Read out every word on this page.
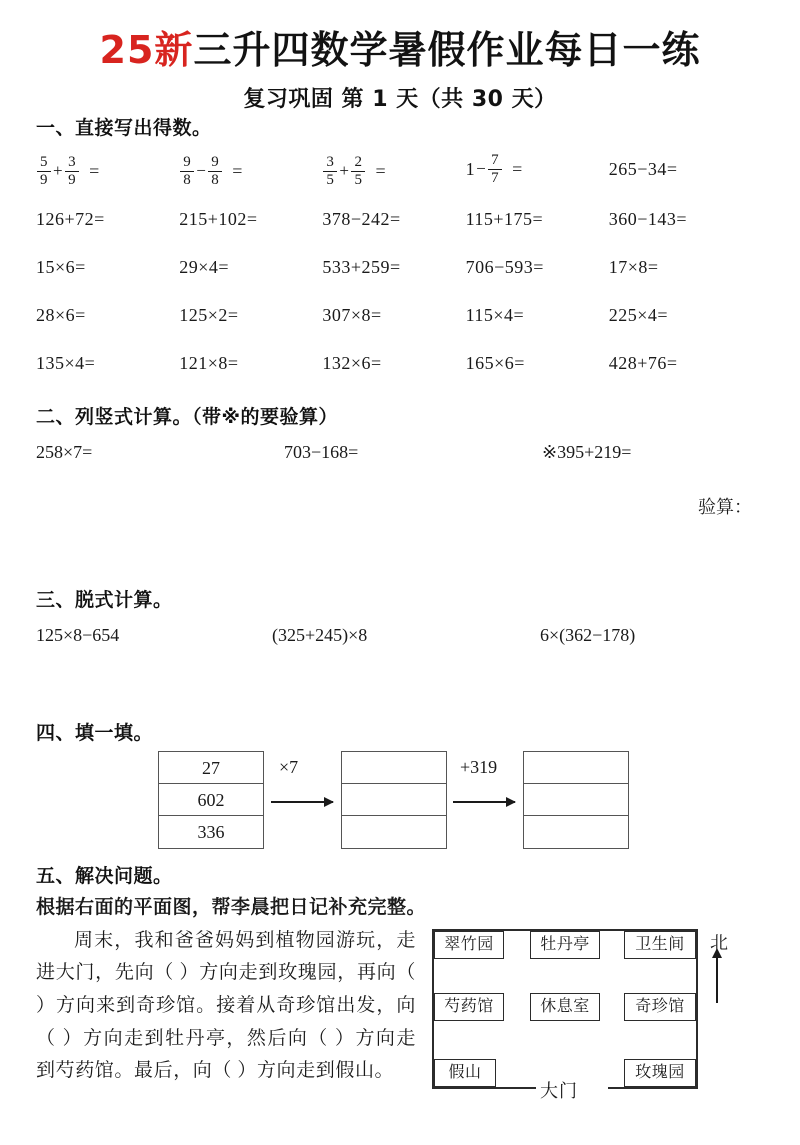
25新三升四数学暑假作业每日一练
复习巩固 第 1 天（共 30 天）
一、直接写出得数。
$\frac{5}{9} + \frac{3}{9}$ =	$\frac{9}{8} - \frac{9}{8}$ =	$\frac{3}{5} + \frac{2}{5}$ =	$1 - \frac{7}{7}$ =	265−34=
126+72=	215+102=	378−242=	115+175=	360−143=
15×6=	29×4=	533+259=	706−593=	17×8=
28×6=	125×2=	307×8=	115×4=	225×4=
135×4=	121×8=	132×6=	165×6=	428+76=
二、列竖式计算。（带※的要验算）
258×7=	703−168=	※395+219=
验算：
三、脱式计算。
125×8−654	(325+245)×8	6×(362−178)
四、填一填。
27
602
336
×7	+319
五、解决问题。
根据右面的平面图，帮李晨把日记补充完整。
周末，我和爸爸妈妈到植物园游玩，走进大门，先向（ ）方向走到玫瑰园，再向（ ）方向来到奇珍馆。接着从奇珍馆出发，向（ ）方向走到牡丹亭，然后向（ ）方向走到芍药馆。最后，向（ ）方向走到假山。
翠竹园	牡丹亭	卫生间
芍药馆	休息室	奇珍馆
假山	玫瑰园
大门
北
